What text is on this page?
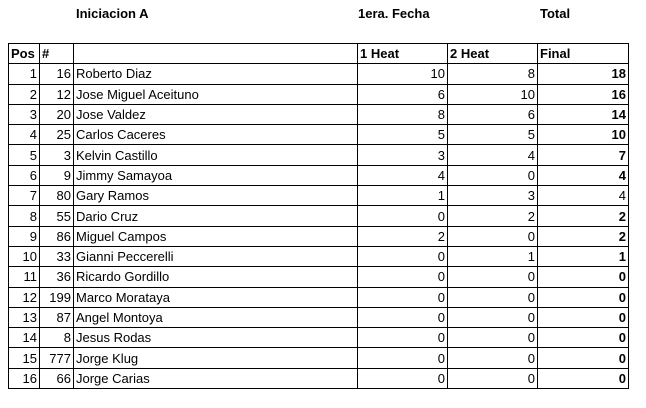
Iniciacion A	1era. Fecha	Total
Pos	#		1 Heat	2 Heat	Final
1	16	Roberto Diaz	10	8	18
2	12	Jose Miguel Aceituno	6	10	16
3	20	Jose Valdez	8	6	14
4	25	Carlos Caceres	5	5	10
5	3	Kelvin Castillo	3	4	7
6	9	Jimmy Samayoa	4	0	4
7	80	Gary Ramos	1	3	4
8	55	Dario Cruz	0	2	2
9	86	Miguel Campos	2	0	2
10	33	Gianni Peccerelli	0	1	1
11	36	Ricardo Gordillo	0	0	0
12	199	Marco Morataya	0	0	0
13	87	Angel Montoya	0	0	0
14	8	Jesus Rodas	0	0	0
15	777	Jorge Klug	0	0	0
16	66	Jorge Carias	0	0	0
